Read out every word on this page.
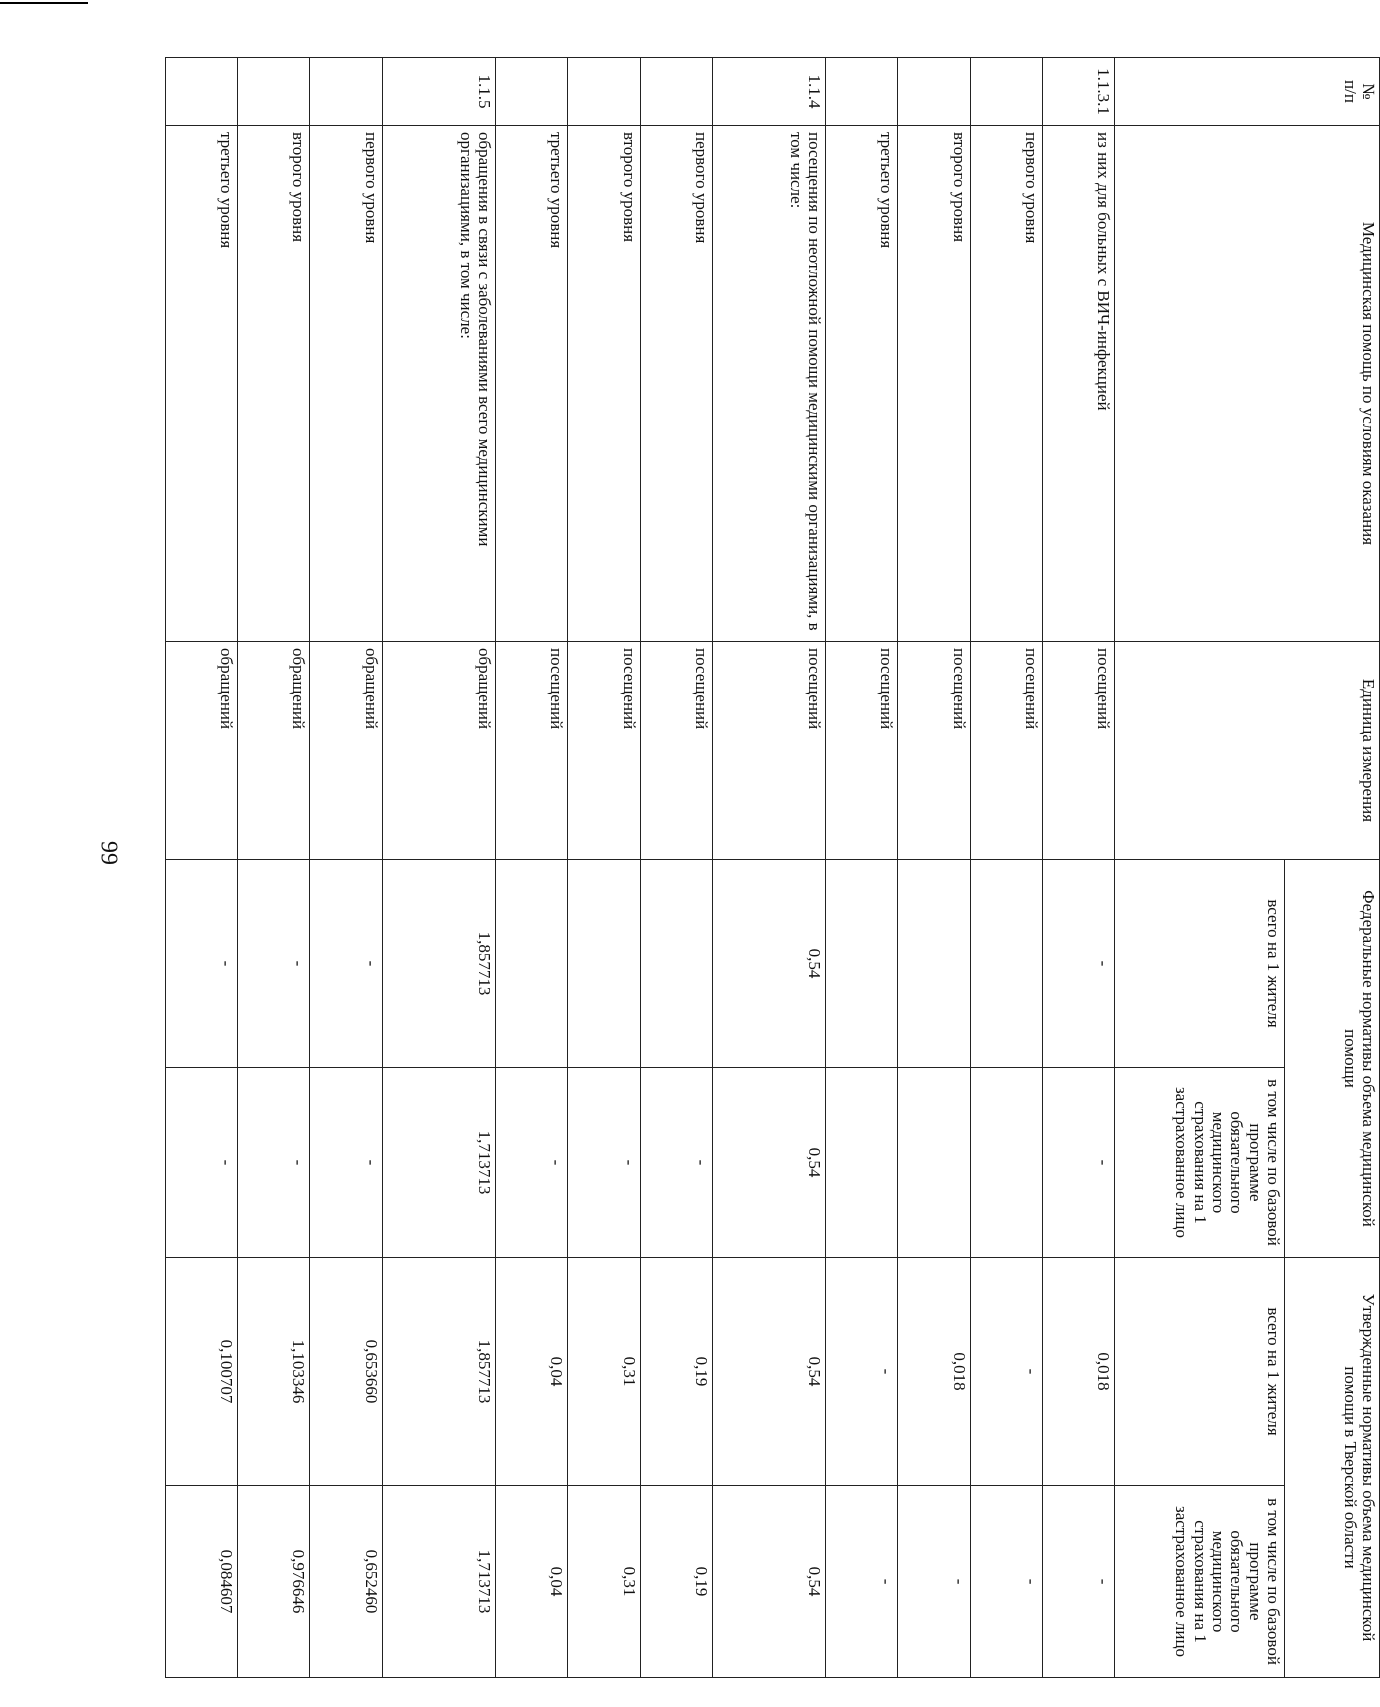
99
№
п/п	Медицинская помощь по условиям оказания	Единица измерения	Федеральные нормативы объема медицинской помощи		Утвержденные нормативы объема медицинской помощи в Тверской области	
			всего на 1 жителя	в том числе по базовой программе обязательного медицинского страхования на 1 застрахованное лицо	всего на 1 жителя	в том числе по базовой программе обязательного медицинского страхования на 1 застрахованное лицо
1.1.3.1	из них для больных с ВИЧ-инфекцией	посещений	-	-	0,018	-
	первого уровня	посещений			-	-
	второго уровня	посещений			0,018	-
	третьего уровня	посещений			-	-
1.1.4	посещения по неотложной помощи медицинскими организациями, в том числе:	посещений	0,54	0,54	0,54	0,54
	первого уровня	посещений		-	0,19	0,19
	второго уровня	посещений		-	0,31	0,31
	третьего уровня	посещений		-	0,04	0,04
1.1.5	обращения в связи с заболеваниями всего медицинскими организациями, в том числе:	обращений	1,857713	1,713713	1,857713	1,713713
	первого уровня	обращений	-	-	0,653660	0,652460
	второго уровня	обращений	-	-	1,103346	0,976646
	третьего уровня	обращений	-	-	0,100707	0,084607
